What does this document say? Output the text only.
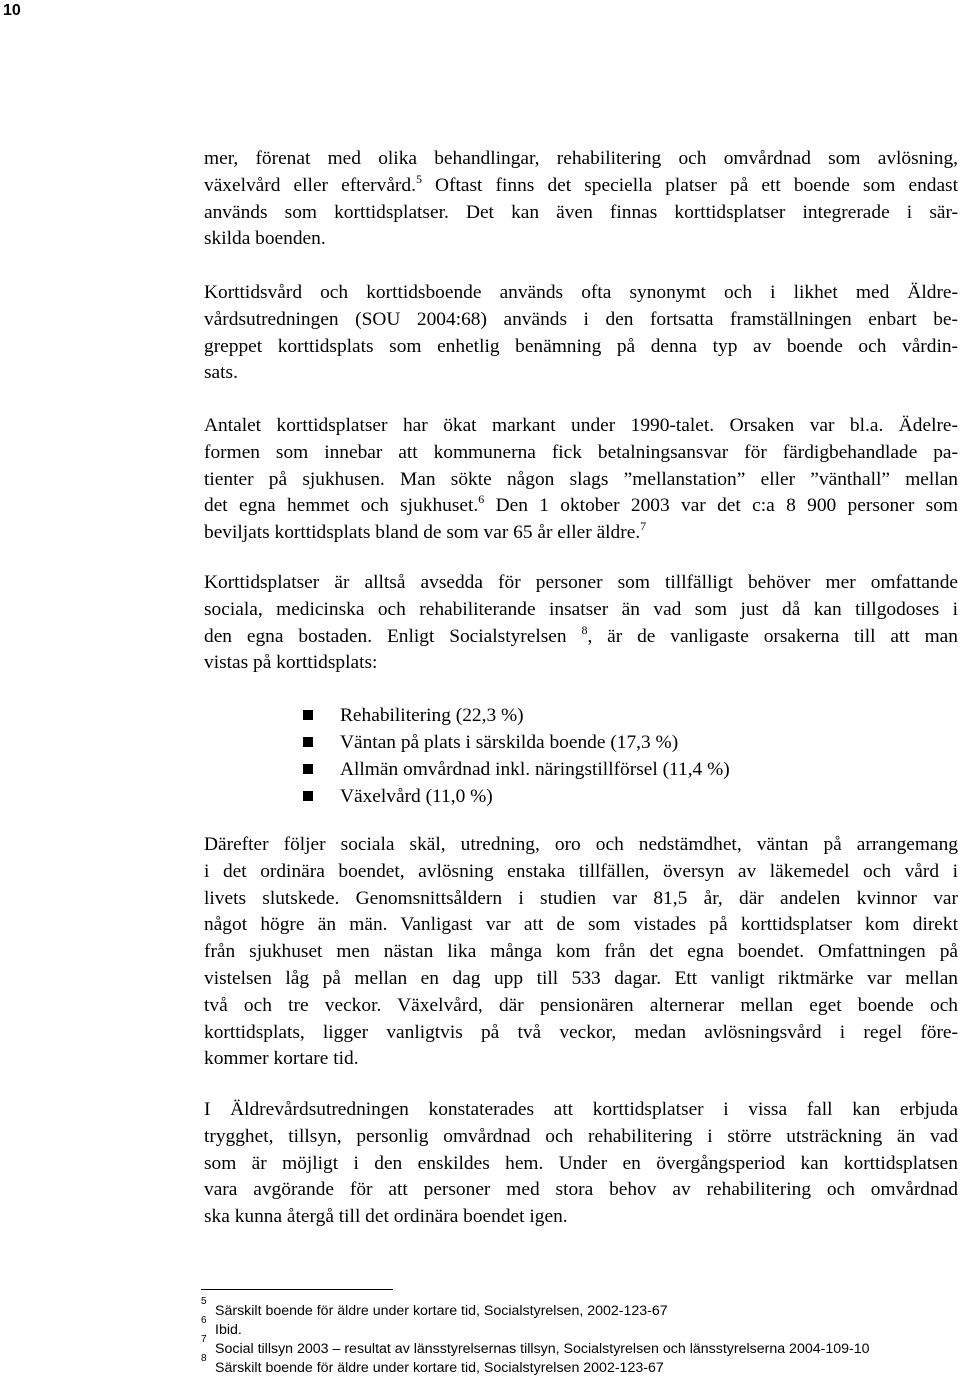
10
mer, förenat med olika behandlingar, rehabilitering och omvårdnad som avlösning,
växelvård eller eftervård.$^5$ Oftast finns det speciella platser på ett boende som endast
används som korttidsplatser. Det kan även finnas korttidsplatser integrerade i sär-
skilda boenden.
Korttidsvård och korttidsboende används ofta synonymt och i likhet med Äldre-
vårdsutredningen (SOU 2004:68) används i den fortsatta framställningen enbart be-
greppet korttidsplats som enhetlig benämning på denna typ av boende och vårdin-
sats.
Antalet korttidsplatser har ökat markant under 1990-talet. Orsaken var bl.a. Ädelre-
formen som innebar att kommunerna fick betalningsansvar för färdigbehandlade pa-
tienter på sjukhusen. Man sökte någon slags ”mellanstation” eller ”vänthall” mellan
det egna hemmet och sjukhuset.$^6$ Den 1 oktober 2003 var det c:a 8 900 personer som
beviljats korttidsplats bland de som var 65 år eller äldre.$^7$
Korttidsplatser är alltså avsedda för personer som tillfälligt behöver mer omfattande
sociala, medicinska och rehabiliterande insatser än vad som just då kan tillgodoses i
den egna bostaden. Enligt Socialstyrelsen $^8$, är de vanligaste orsakerna till att man
vistas på korttidsplats:
Rehabilitering (22,3 %)
Väntan på plats i särskilda boende (17,3 %)
Allmän omvårdnad inkl. näringstillförsel (11,4 %)
Växelvård (11,0 %)
Därefter följer sociala skäl, utredning, oro och nedstämdhet, väntan på arrangemang
i det ordinära boendet, avlösning enstaka tillfällen, översyn av läkemedel och vård i
livets slutskede. Genomsnittsåldern i studien var 81,5 år, där andelen kvinnor var
något högre än män. Vanligast var att de som vistades på korttidsplatser kom direkt
från sjukhuset men nästan lika många kom från det egna boendet. Omfattningen på
vistelsen låg på mellan en dag upp till 533 dagar. Ett vanligt riktmärke var mellan
två och tre veckor. Växelvård, där pensionären alternerar mellan eget boende och
korttidsplats, ligger vanligtvis på två veckor, medan avlösningsvård i regel före-
kommer kortare tid.
I Äldrevårdsutredningen konstaterades att korttidsplatser i vissa fall kan erbjuda
trygghet, tillsyn, personlig omvårdnad och rehabilitering i större utsträckning än vad
som är möjligt i den enskildes hem. Under en övergångsperiod kan korttidsplatsen
vara avgörande för att personer med stora behov av rehabilitering och omvårdnad
ska kunna återgå till det ordinära boendet igen.
5
Särskilt boende för äldre under kortare tid, Socialstyrelsen, 2002-123-67
6
Ibid.
7
Social tillsyn 2003 – resultat av länsstyrelsernas tillsyn, Socialstyrelsen och länsstyrelserna 2004-109-10
8
Särskilt boende för äldre under kortare tid, Socialstyrelsen 2002-123-67
